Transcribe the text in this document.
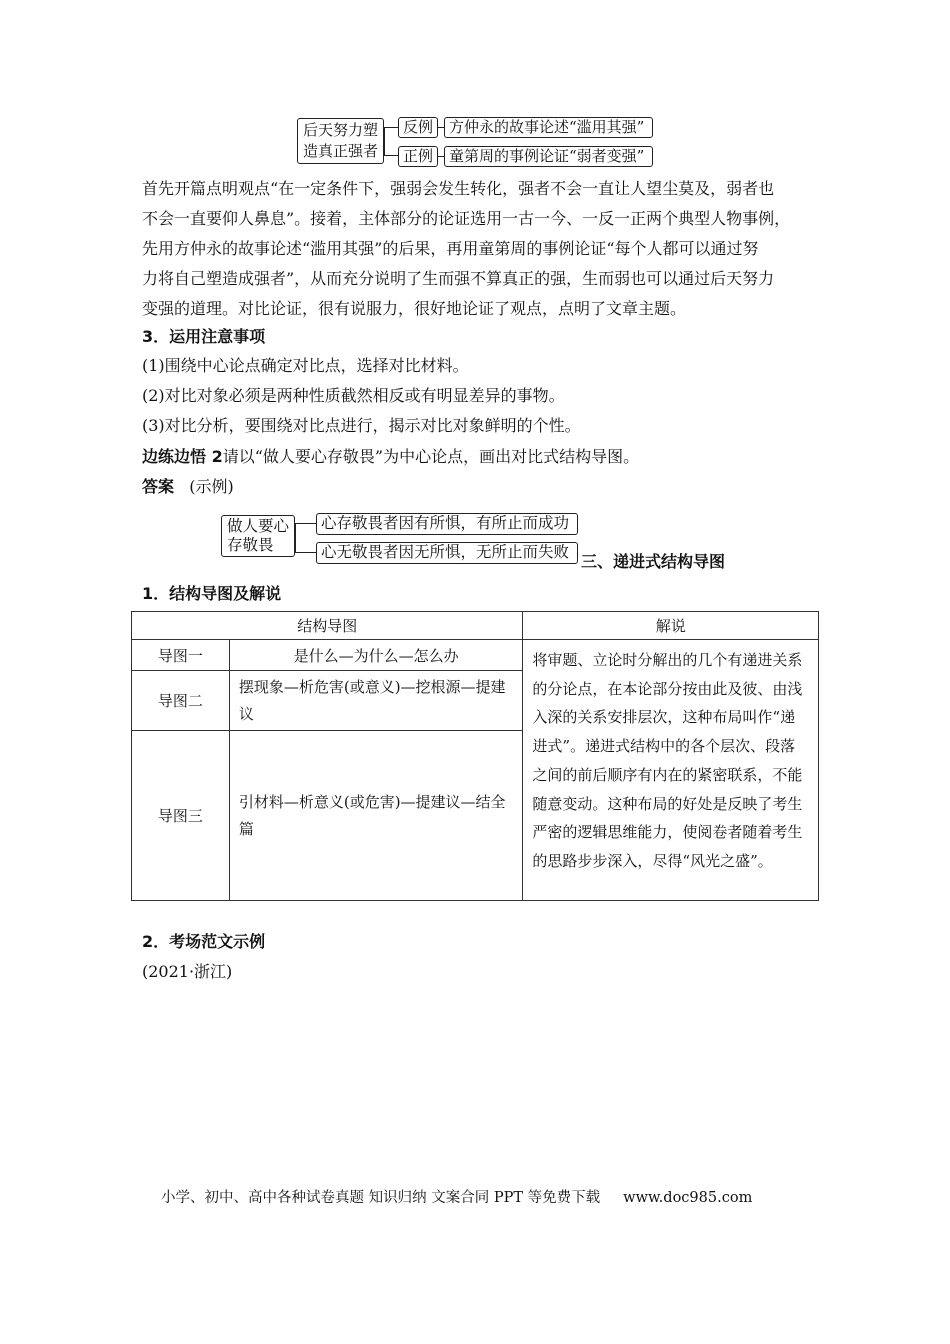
后天努力塑造真正强者
反例	方仲永的故事论述“滥用其强”
正例	童第周的事例论证“弱者变强”
首先开篇点明观点“在一定条件下，强弱会发生转化，强者不会一直让人望尘莫及，弱者也
不会一直要仰人鼻息”。接着，主体部分的论证选用一古一今、一反一正两个典型人物事例，
先用方仲永的故事论述“滥用其强”的后果，再用童第周的事例论证“每个人都可以通过努
力将自己塑造成强者”，从而充分说明了生而强不算真正的强，生而弱也可以通过后天努力
变强的道理。对比论证，很有说服力，很好地论证了观点，点明了文章主题。
3．运用注意事项
(1)围绕中心论点确定对比点，选择对比材料。
(2)对比对象必须是两种性质截然相反或有明显差异的事物。
(3)对比分析，要围绕对比点进行，揭示对比对象鲜明的个性。
边练边悟 2请以“做人要心存敬畏”为中心论点，画出对比式结构导图。
答案 (示例)
做人要心存敬畏
心存敬畏者因有所惧，有所止而成功
心无敬畏者因无所惧，无所止而失败 三、递进式结构导图
1．结构导图及解说
结构导图		解说
导图一	是什么—为什么—怎么办	将审题、立论时分解出的几个有递进关系的分论点，在本论部分按由此及彼、由浅入深的关系安排层次，这种布局叫作“递进式”。递进式结构中的各个层次、段落之间的前后顺序有内在的紧密联系，不能随意变动。这种布局的好处是反映了考生严密的逻辑思维能力，使阅卷者随着考生的思路步步深入，尽得“风光之盛”。
导图二	摆现象—析危害(或意义)—挖根源—提建议	
导图三	引材料—析意义(或危害)—提建议—结全篇	
2．考场范文示例
(2021·浙江)
小学、初中、高中各种试卷真题 知识归纳 文案合同 PPT 等免费下载 www.doc985.com
